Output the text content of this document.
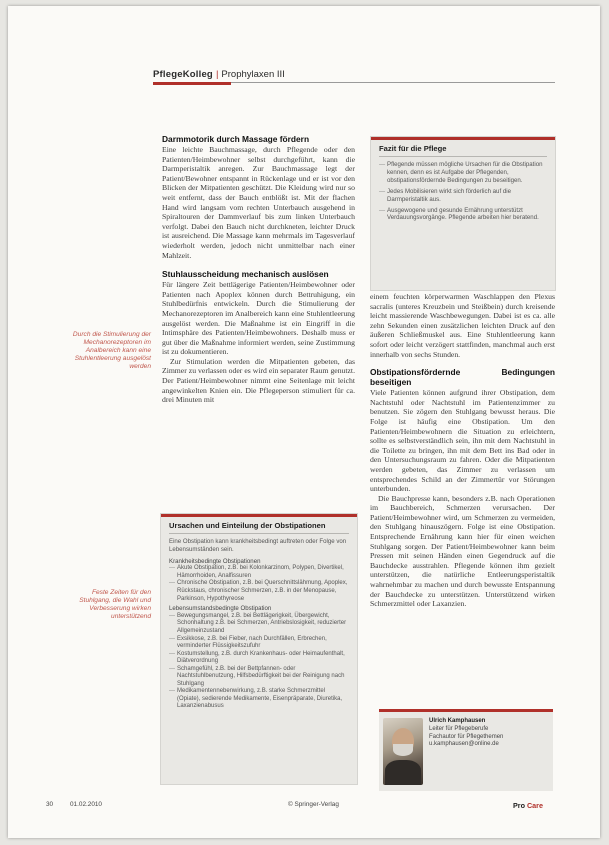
PflegeKolleg | Prophylaxen III
Darmmotorik durch Massage fördern

Eine leichte Bauchmassage, durch Pflegende oder den Patienten/Heimbewohner selbst durchgeführt, kann die Darmperistaltik anregen. Zur Bauchmassage legt der Patient/Bewohner entspannt in Rückenlage und er ist vor den Blicken der Mitpatienten geschützt. Die Kleidung wird nur so weit entfernt, dass der Bauch entblößt ist. Mit der flachen Hand wird langsam vom rechten Unterbauch ausgehend in Spiraltouren der Dammverlauf bis zum linken Unterbauch verfolgt. Dabei den Bauch nicht durchkneten, leichter Druck ist ausreichend. Die Massage kann mehrmals im Tagesverlauf wiederholt werden, jedoch nicht unmittelbar nach einer Mahlzeit.

Stuhlausscheidung mechanisch auslösen

Für längere Zeit bettlägerige Patienten/Heimbewohner oder Patienten nach Apoplex können durch Bettruhigung, ein Stuhlbedürfnis entwickeln. Durch die Stimulierung der Mechanorezeptoren im Analbereich kann eine Stuhlentleerung ausgelöst werden. Die Maßnahme ist ein Eingriff in die Intimsphäre des Patienten/Heimbewohners. Deshalb muss er gut über die Maßnahme informiert werden, seine Zustimmung ist zu dokumentieren.

Zur Stimulation werden die Mitpatienten gebeten, das Zimmer zu verlassen oder es wird ein separater Raum genutzt. Der Patient/Heimbewohner nimmt eine Seitenlage mit leicht angewinkelten Knien ein. Die Pflegeperson stimuliert für ca. drei Minuten mit

Durch die Stimulierung der Mechanorezeptoren im Analbereich kann eine Stuhlentleerung ausgelöst werden
Feste Zeiten für den Stuhlgang, die Wahl und Verbesserung wirken unterstützend
Fazit für die Pflege
— Pflegende müssen mögliche Ursachen für die Obstipation kennen, denn es ist Aufgabe der Pflegenden, obstipationsfördernde Bedingungen zu beseitigen.
— Jedes Mobilisieren wirkt sich förderlich auf die Darmperistaltik aus.
— Ausgewogene und gesunde Ernährung unterstützt Verdauungsvorgänge. Pflegende arbeiten hier beratend.

einem feuchten körperwarmen Waschlappen den Plexus sacralis (unteres Kreuzbein und Steißbein) durch kreisende leicht massierende Waschbewegungen. Dabei ist es ca. alle zehn Sekunden einen zusätzlichen leichten Druck auf den äußeren Schließmuskel aus. Eine Stuhlentleerung kann sofort oder leicht verzögert stattfinden, manchmal auch erst innerhalb von sechs Stunden.

Obstipationsfördernde Bedingungen beseitigen

Viele Patienten können aufgrund ihrer Obstipation, dem Nachtstuhl oder Nachtstuhl im Patientenzimmer zu benutzen. Sie zögern den Stuhlgang bewusst heraus. Die Folge ist häufig eine Obstipation. Um den Patienten/Heimbewohnern die Situation zu erleichtern, sollte es selbstverständlich sein, ihn mit dem Nachtstuhl in die Toilette zu bringen, ihn mit dem Bett ins Bad oder in den Untersuchungsraum zu fahren. Oder die Mitpatienten werden gebeten, das Zimmer zu verlassen um entsprechendes Schild an der Zimmertür vor Störungen unterbunden.

Die Bauchpresse kann, besonders z.B. nach Operationen im Bauchbereich, Schmerzen verursachen. Der Patient/Heimbewohner wird, um Schmerzen zu vermeiden, den Stuhlgang hinauszögern. Folge ist eine Obstipation. Entsprechende Ernährung kann hier für einen weichen Stuhlgang sorgen. Der Patient/Heimbewohner kann beim Pressen mit seinen Händen einen Gegendruck auf die Bauchdecke ausstrahlen. Pflegende können ihm gezielt unterstützen, die natürliche Entleerungsperistaltik wahrnehmbar zu machen und durch bewusste Entspannung der Bauchdecke zu unterstützen. Unterstützend wirken Schmerzmittel oder Laxanzien.

Ursachen und Einteilung der Obstipationen
Eine Obstipation kann krankheitsbedingt auftreten oder Folge von Lebensumständen sein.
Krankheitsbedingte Obstipationen
— Akute Obstipation, z.B. bei Kolonkarzinom, Polypen, Divertikel, Hämorrhoiden, Analfissuren
— Chronische Obstipation, z.B. bei Querschnittslähmung, Apoplex, Rückstaus, chronischer Schmerzen, z.B. in der Menopause, Parkinson, Hypothyreose
Lebensumstandsbedingte Obstipation
— Bewegungsmangel, z.B. bei Bettlägerigkeit, Übergewicht, Schonhaltung z.B. bei Schmerzen, Antriebslosigkeit, reduzierter Allgemeinzustand
— Exsikkose, z.B. bei Fieber, nach Durchfällen, Erbrechen, verminderter Flüssigkeitszufuhr
— Kostumstellung, z.B. durch Krankenhaus- oder Heimaufenthalt, Diätverordnung
— Schamgefühl, z.B. bei der Bettpfannen- oder Nachtstuhlbenutzung, Hilfsbedürftigkeit bei der Reinigung nach Stuhlgang
— Medikamentennebenwirkung, z.B. starke Schmerzmittel (Opiate), sedierende Medikamente, Eisenpräparate, Diuretika, Laxanzienabusus
Ulrich Kamphausen
Leiter für Pflegeberufe
Fachautor für Pflegethemen
u.kamphausen@online.de
30	01.02.2010	© Springer-Verlag	Pro Care
